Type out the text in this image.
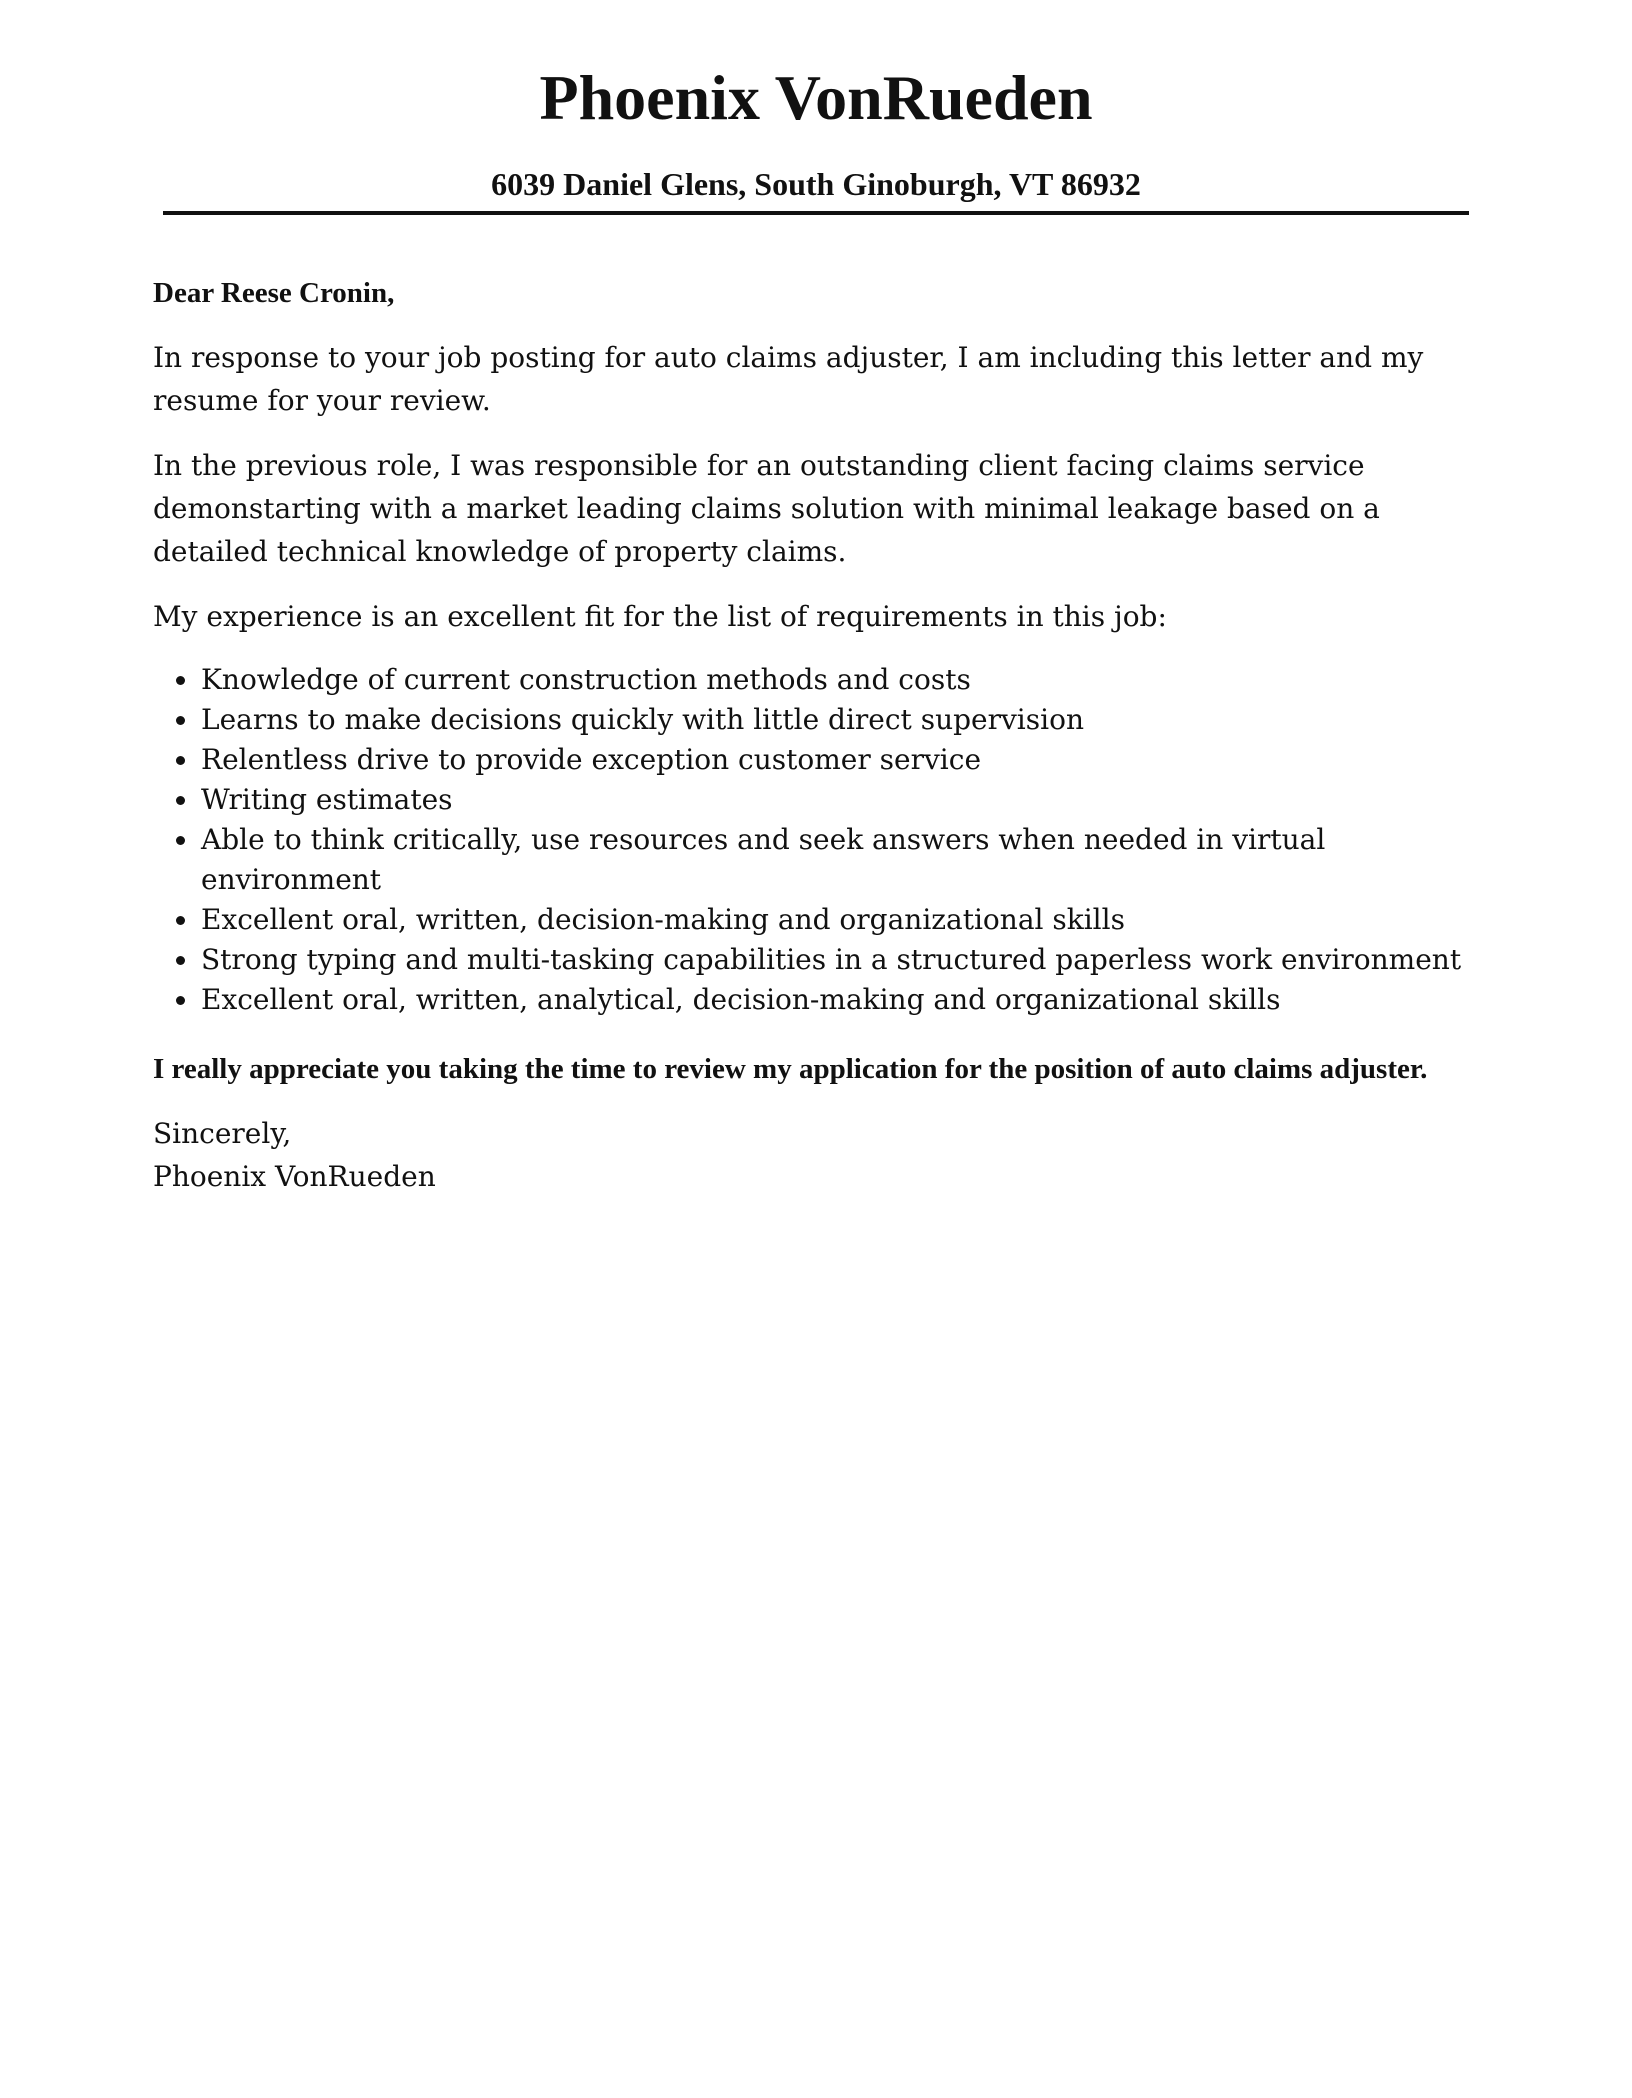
Phoenix VonRueden
6039 Daniel Glens, South Ginoburgh, VT 86932

Dear Reese Cronin,

In response to your job posting for auto claims adjuster, I am including this letter and my resume for your review.

In the previous role, I was responsible for an outstanding client facing claims service demonstarting with a market leading claims solution with minimal leakage based on a detailed technical knowledge of property claims.

My experience is an excellent fit for the list of requirements in this job:

Knowledge of current construction methods and costs
Learns to make decisions quickly with little direct supervision
Relentless drive to provide exception customer service
Writing estimates
Able to think critically, use resources and seek answers when needed in virtual environment
Excellent oral, written, decision-making and organizational skills
Strong typing and multi-tasking capabilities in a structured paperless work environment
Excellent oral, written, analytical, decision-making and organizational skills

I really appreciate you taking the time to review my application for the position of auto claims adjuster.

Sincerely,

Phoenix VonRueden
